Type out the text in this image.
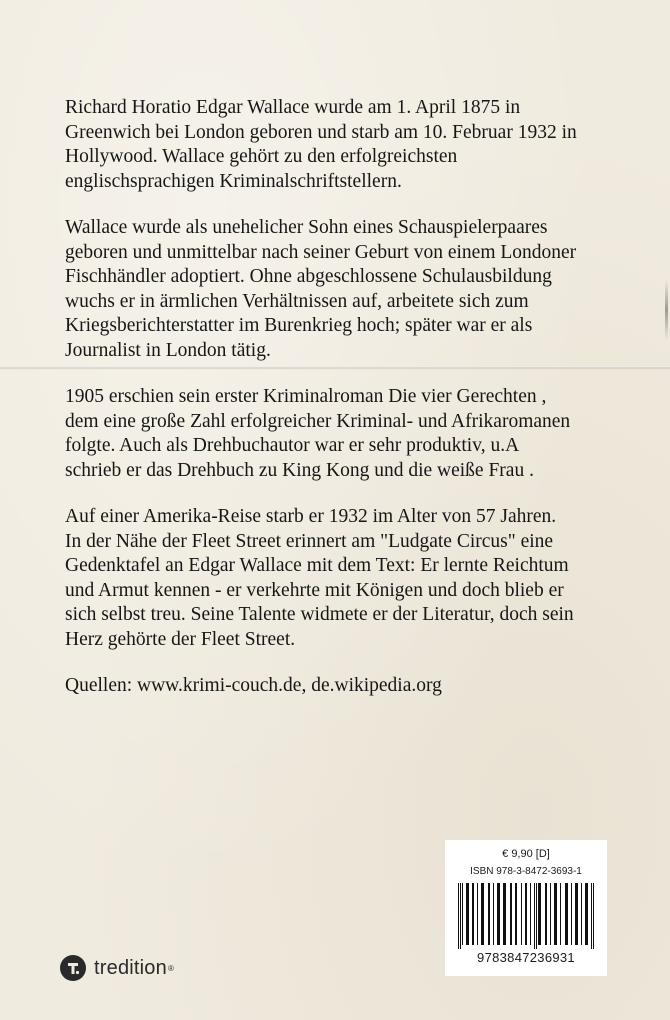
Richard Horatio Edgar Wallace wurde am 1. April 1875 in
Greenwich bei London geboren und starb am 10. Februar 1932 in
Hollywood. Wallace gehört zu den erfolgreichsten
englischsprachigen Kriminalschriftstellern.

Wallace wurde als unehelicher Sohn eines Schauspielerpaares
geboren und unmittelbar nach seiner Geburt von einem Londoner
Fischhändler adoptiert. Ohne abgeschlossene Schulausbildung
wuchs er in ärmlichen Verhältnissen auf, arbeitete sich zum
Kriegsberichterstatter im Burenkrieg hoch; später war er als
Journalist in London tätig.

1905 erschien sein erster Kriminalroman Die vier Gerechten ,
dem eine große Zahl erfolgreicher Kriminal- und Afrikaromanen
folgte. Auch als Drehbuchautor war er sehr produktiv, u.A
schrieb er das Drehbuch zu King Kong und die weiße Frau .

Auf einer Amerika-Reise starb er 1932 im Alter von 57 Jahren.
In der Nähe der Fleet Street erinnert am "Ludgate Circus" eine
Gedenktafel an Edgar Wallace mit dem Text: Er lernte Reichtum
und Armut kennen - er verkehrte mit Königen und doch blieb er
sich selbst treu. Seine Talente widmete er der Literatur, doch sein
Herz gehörte der Fleet Street.

Quellen: www.krimi-couch.de, de.wikipedia.org

€ 9,90 [D]
ISBN 978-3-8472-3693-1
9783847236931
tredition ®
